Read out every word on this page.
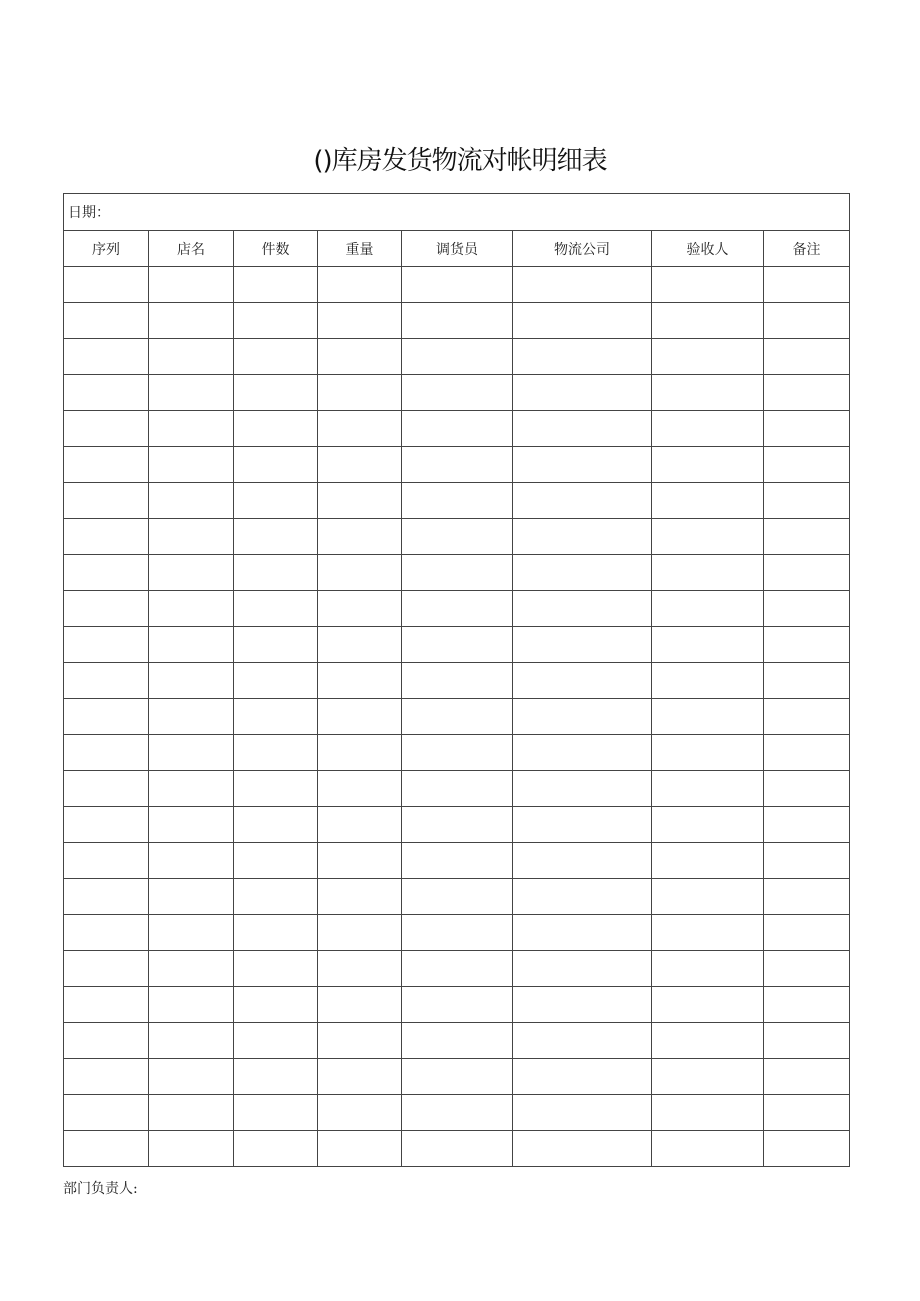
()库房发货物流对帐明细表
日期：							
序列	店名	件数	重量	调货员	物流公司	验收人	备注

部门负责人:
